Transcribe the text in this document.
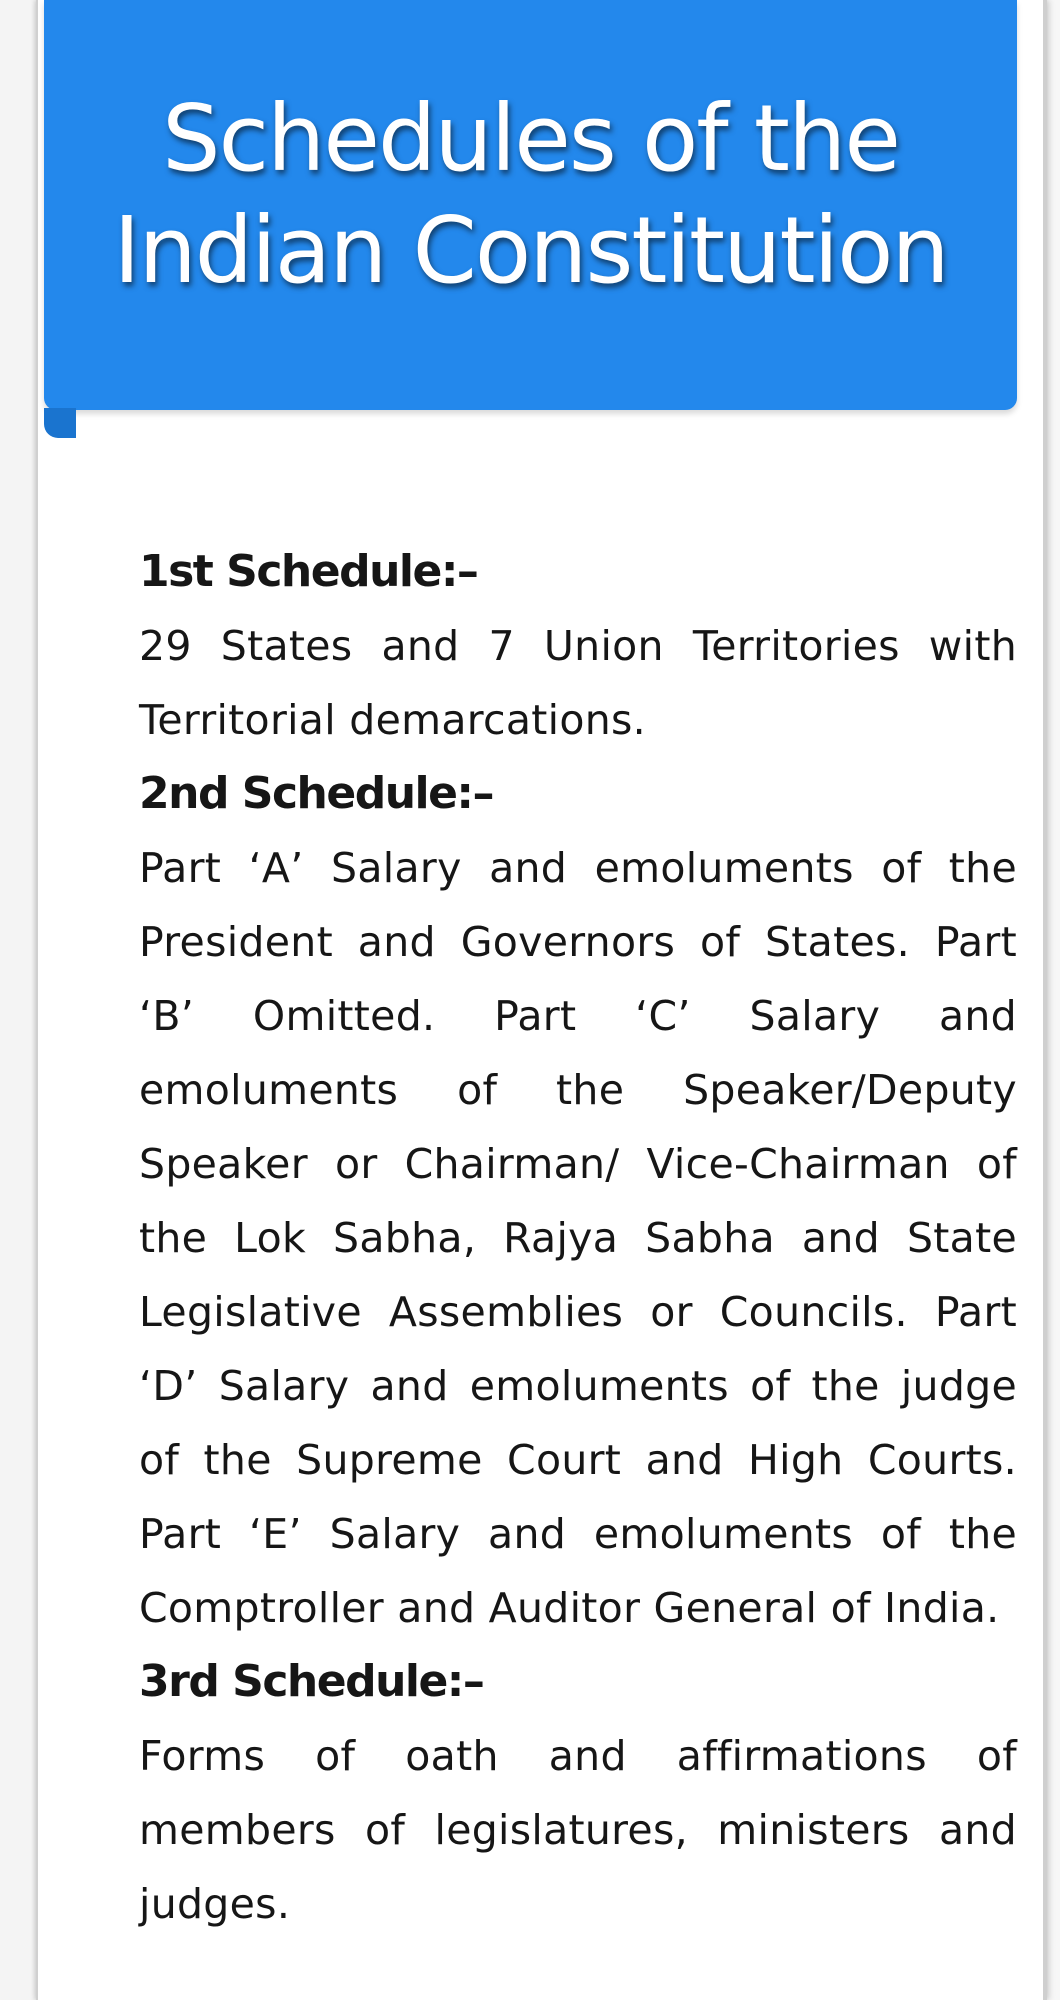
Schedules of the Indian Constitution

1st Schedule:–

29 States and 7 Union Territories with Territorial demarcations.

2nd Schedule:–

Part ‘A’ Salary and emoluments of the President and Governors of States. Part ‘B’ Omitted. Part ‘C’ Salary and emoluments of the Speaker/Deputy Speaker or Chairman/ Vice-Chairman of the Lok Sabha, Rajya Sabha and State Legislative Assemblies or Councils. Part ‘D’ Salary and emoluments of the judge of the Supreme Court and High Courts. Part ‘E’ Salary and emoluments of the Comptroller and Auditor General of India.

3rd Schedule:–

Forms of oath and affirmations of members of legislatures, ministers and judges.
